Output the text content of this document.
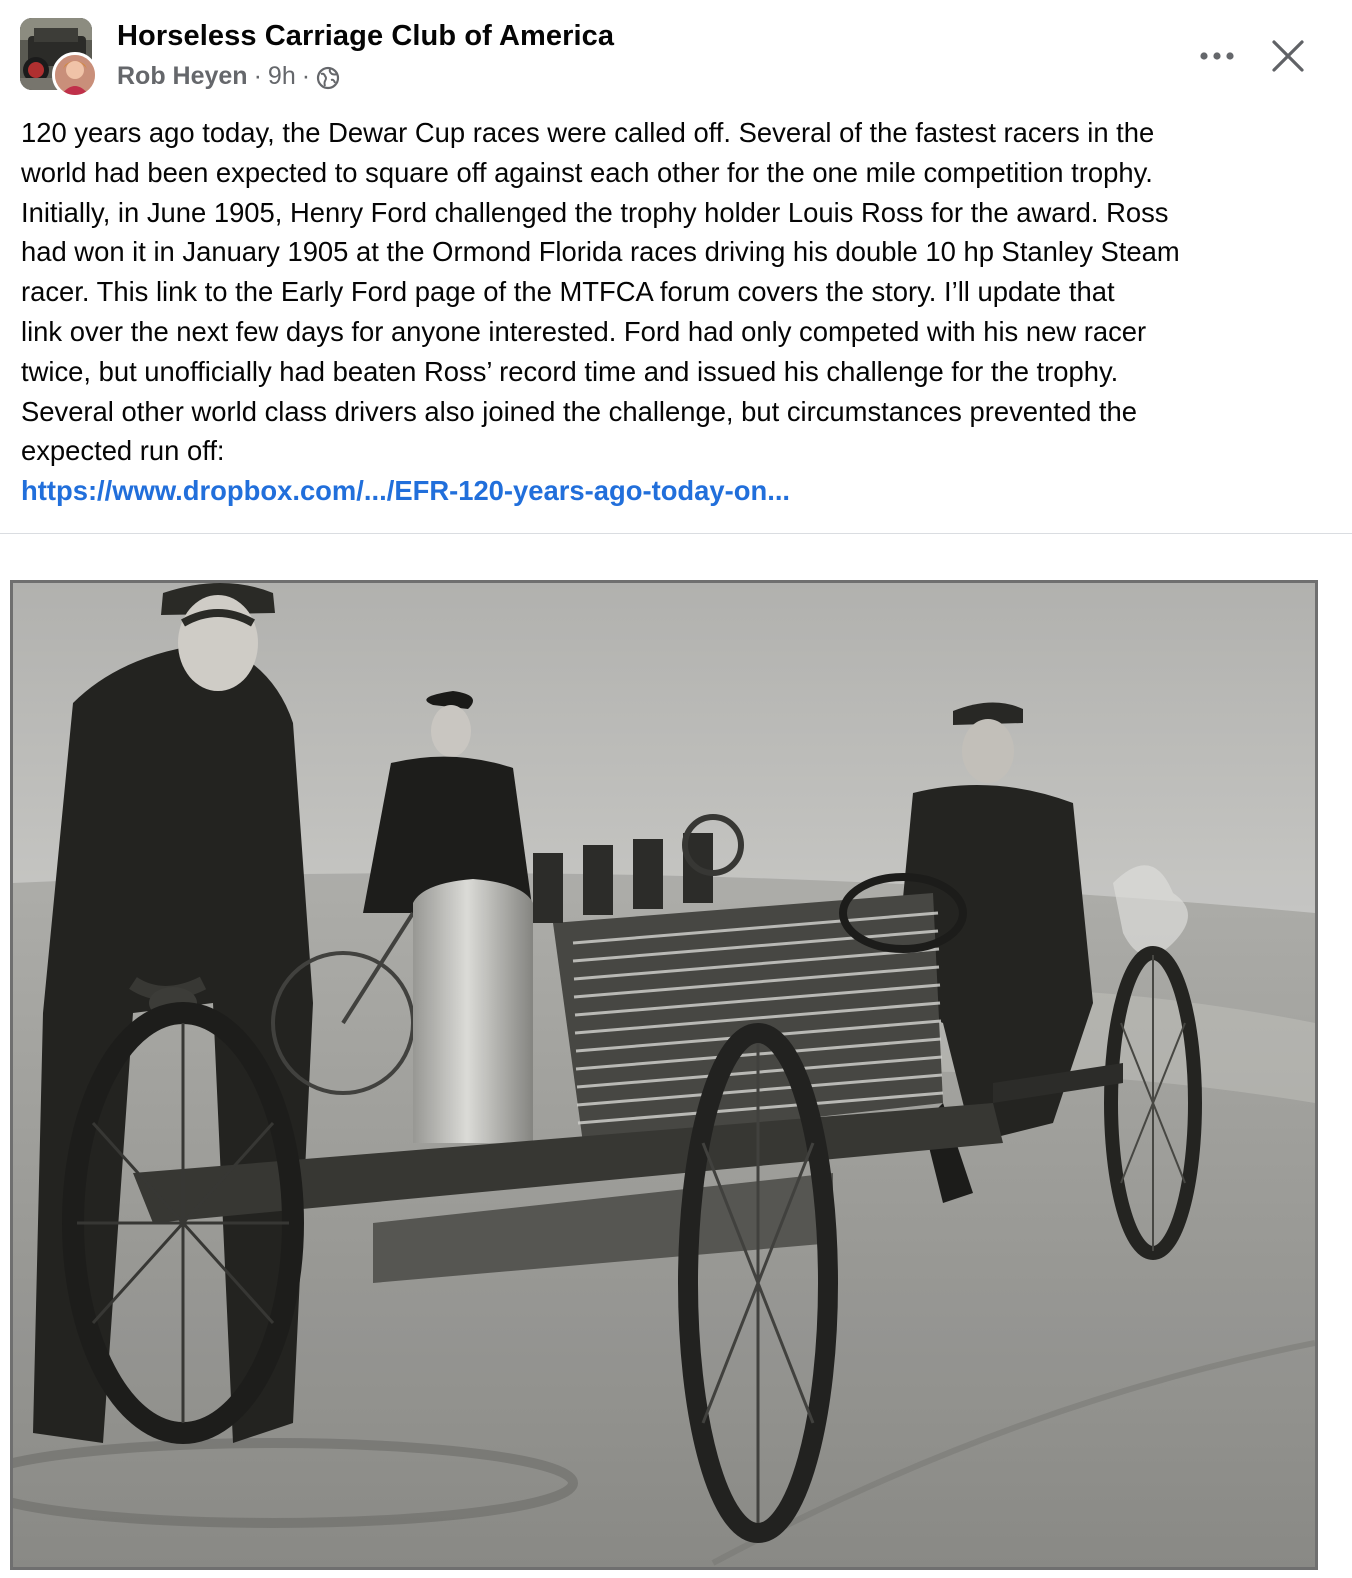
Horseless Carriage Club of America
Rob Heyen · 9h ·

120 years ago today, the Dewar Cup races were called off. Several of the fastest racers in the

world had been expected to square off against each other for the one mile competition trophy.

Initially, in June 1905, Henry Ford challenged the trophy holder Louis Ross for the award. Ross

had won it in January 1905 at the Ormond Florida races driving his double 10 hp Stanley Steam

racer. This link to the Early Ford page of the MTFCA forum covers the story. I’ll update that

link over the next few days for anyone interested. Ford had only competed with his new racer

twice, but unofficially had beaten Ross’ record time and issued his challenge for the trophy.

Several other world class drivers also joined the challenge, but circumstances prevented the

expected run off:

https://www.dropbox.com/.../EFR-120-years-ago-today-on...
